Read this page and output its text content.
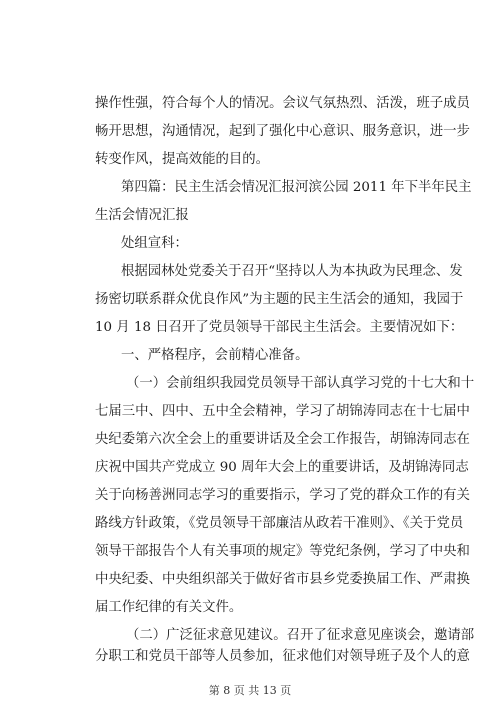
操作性强，符合每个人的情况。会议气氛热烈、活泼，班子成员
畅开思想，沟通情况，起到了强化中心意识、服务意识，进一步
转变作风，提高效能的目的。
第四篇：民主生活会情况汇报河滨公园 2011 年下半年民主
生活会情况汇报
处组宣科：
根据园林处党委关于召开“坚持以人为本执政为民理念、发
扬密切联系群众优良作风”为主题的民主生活会的通知，我园于
10 月 18 日召开了党员领导干部民主生活会。主要情况如下：
一、严格程序，会前精心准备。
（一）会前组织我园党员领导干部认真学习党的十七大和十
七届三中、四中、五中全会精神，学习了胡锦涛同志在十七届中
央纪委第六次全会上的重要讲话及全会工作报告，胡锦涛同志在
庆祝中国共产党成立 90 周年大会上的重要讲话，及胡锦涛同志
关于向杨善洲同志学习的重要指示，学习了党的群众工作的有关
路线方针政策，《党员领导干部廉洁从政若干准则》、《关于党员
领导干部报告个人有关事项的规定》等党纪条例，学习了中央和
中央纪委、中央组织部关于做好省市县乡党委换届工作、严肃换
届工作纪律的有关文件。
（二）广泛征求意见建议。召开了征求意见座谈会，邀请部
分职工和党员干部等人员参加，征求他们对领导班子及个人的意
第 8 页 共 13 页
